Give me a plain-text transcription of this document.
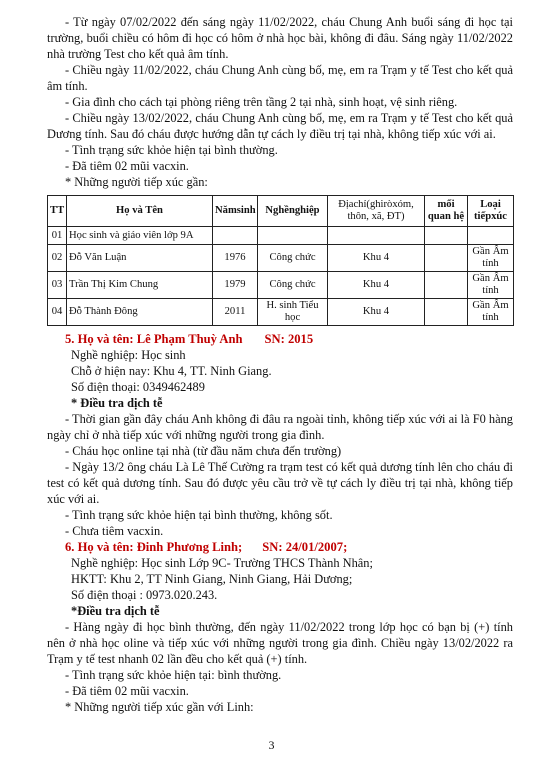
- Từ ngày 07/02/2022 đến sáng ngày 11/02/2022, cháu Chung Anh buổi sáng đi học tại trường, buổi chiều có hôm đi học có hôm ở nhà học bài, không đi đâu. Sáng ngày 11/02/2022 nhà trường Test cho kết quả âm tính.

- Chiều ngày 11/02/2022, cháu Chung Anh cùng bố, mẹ, em ra Trạm y tế Test cho kết quả âm tính.

- Gia đình cho cách tại phòng riêng trên tầng 2 tại nhà, sinh hoạt, vệ sinh riêng.

- Chiều ngày 13/02/2022, cháu Chung Anh cùng bố, mẹ, em ra Trạm y tế Test cho kết quả Dương tính. Sau đó cháu được hướng dẫn tự cách ly điều trị tại nhà, không tiếp xúc với ai.

- Tình trạng sức khỏe hiện tại bình thường.

- Đã tiêm 02 mũi vacxin.

* Những người tiếp xúc gần:

TT	Họ và Tên	Nămsinh	Nghềnghiệp	Địachỉ(ghiròxóm, thôn, xã, ĐT)	mối quan hệ	Loại tiếpxúc
01	Học sinh và giáo viên lớp 9A					
02	Đỗ Văn Luận	1976	Công chức	Khu 4		Gần Âm tính
03	Trần Thị Kim Chung	1979	Công chức	Khu 4		Gần Âm tính
04	Đỗ Thành Đông	2011	H. sinh Tiểu học	Khu 4		Gần Âm tính

5. Họ và tên: Lê Phạm Thuỳ Anh SN: 2015

Nghề nghiệp: Học sinh

Chỗ ở hiện nay: Khu 4, TT. Ninh Giang.

Số điện thoại: 0349462489

* Điều tra dịch tễ

- Thời gian gần đây cháu Anh không đi đâu ra ngoài tỉnh, không tiếp xúc với ai là F0 hàng ngày chỉ ở nhà tiếp xúc với những người trong gia đình.

- Cháu học online tại nhà (từ đầu năm chưa đến trường)

- Ngày 13/2 ông cháu Là Lê Thế Cường ra trạm test có kết quả dương tính lên cho cháu đi test có kết quả dương tính. Sau đó được yêu cầu trở về tự cách ly điều trị tại nhà, không tiếp xúc với ai.

- Tình trạng sức khỏe hiện tại bình thường, không sốt.

- Chưa tiêm vacxin.

6. Họ và tên: Đinh Phương Linh; SN: 24/01/2007;

Nghề nghiệp: Học sinh Lớp 9C- Trường THCS Thành Nhân;

HKTT: Khu 2, TT Ninh Giang, Ninh Giang, Hải Dương;

Số điện thoại : 0973.020.243.

*Điều tra dịch tễ

- Hàng ngày đi học bình thường, đến ngày 11/02/2022 trong lớp học có bạn bị (+) tính nên ở nhà học oline và tiếp xúc với những người trong gia đình. Chiều ngày 13/02/2022 ra Trạm y tế test nhanh 02 lần đều cho kết quả (+) tính.

- Tình trạng sức khỏe hiện tại: bình thường.

- Đã tiêm 02 mũi vacxin.

* Những người tiếp xúc gần với Linh:

3
